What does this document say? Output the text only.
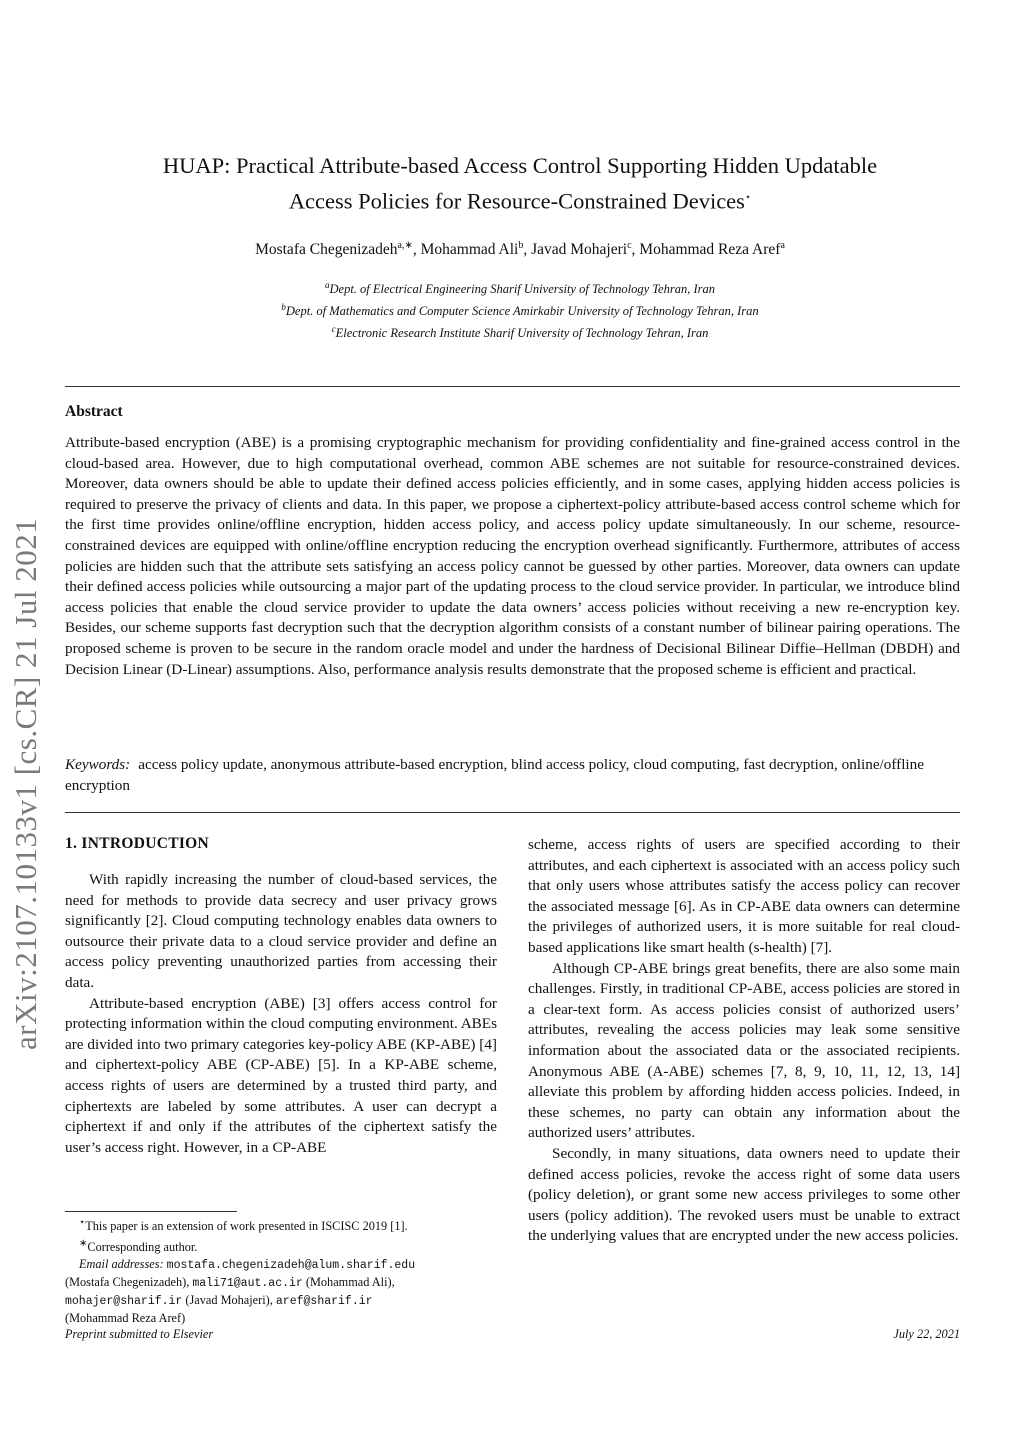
arXiv:2107.10133v1 [cs.CR] 21 Jul 2021
HUAP: Practical Attribute-based Access Control Supporting Hidden Updatable
Access Policies for Resource-Constrained Devices⋆
Mostafa Chegenizadeh$^{a,∗}$, Mohammad Ali$^b$, Javad Mohajeri$^c$, Mohammad Reza Aref$^a$
$^a$Dept. of Electrical Engineering Sharif University of Technology Tehran, Iran
$^b$Dept. of Mathematics and Computer Science Amirkabir University of Technology Tehran, Iran
$^c$Electronic Research Institute Sharif University of Technology Tehran, Iran
Abstract
Attribute-based encryption (ABE) is a promising cryptographic mechanism for providing confidentiality and fine-grained access control in the cloud-based area. However, due to high computational overhead, common ABE schemes are not suitable for resource-constrained devices. Moreover, data owners should be able to update their defined access policies efficiently, and in some cases, applying hidden access policies is required to preserve the privacy of clients and data. In this paper, we propose a ciphertext-policy attribute-based access control scheme which for the first time provides online/offline encryption, hidden access policy, and access policy update simultaneously. In our scheme, resource-constrained devices are equipped with online/offline encryption reducing the encryption overhead significantly. Furthermore, attributes of access policies are hidden such that the attribute sets satisfying an access policy cannot be guessed by other parties. Moreover, data owners can update their defined access policies while outsourcing a major part of the updating process to the cloud service provider. In particular, we introduce blind access policies that enable the cloud service provider to update the data owners’ access policies without receiving a new re-encryption key. Besides, our scheme supports fast decryption such that the decryption algorithm consists of a constant number of bilinear pairing operations. The proposed scheme is proven to be secure in the random oracle model and under the hardness of Decisional Bilinear Diffie–Hellman (DBDH) and Decision Linear (D-Linear) assumptions. Also, performance analysis results demonstrate that the proposed scheme is efficient and practical.
Keywords: access policy update, anonymous attribute-based encryption, blind access policy, cloud computing, fast decryption, online/offline encryption
1. INTRODUCTION

With rapidly increasing the number of cloud-based services, the need for methods to provide data secrecy and user privacy grows significantly [2]. Cloud computing technology enables data owners to outsource their private data to a cloud service provider and define an access policy preventing unauthorized parties from accessing their data.

Attribute-based encryption (ABE) [3] offers access control for protecting information within the cloud computing environment. ABEs are divided into two primary categories key-policy ABE (KP-ABE) [4] and ciphertext-policy ABE (CP-ABE) [5]. In a KP-ABE scheme, access rights of users are determined by a trusted third party, and ciphertexts are labeled by some attributes. A user can decrypt a ciphertext if and only if the attributes of the ciphertext satisfy the user’s access right. However, in a CP-ABE

scheme, access rights of users are specified according to their attributes, and each ciphertext is associated with an access policy such that only users whose attributes satisfy the access policy can recover the associated message [6]. As in CP-ABE data owners can determine the privileges of authorized users, it is more suitable for real cloud-based applications like smart health (s-health) [7].

Although CP-ABE brings great benefits, there are also some main challenges. Firstly, in traditional CP-ABE, access policies are stored in a clear-text form. As access policies consist of authorized users’ attributes, revealing the access policies may leak some sensitive information about the associated data or the associated recipients. Anonymous ABE (A-ABE) schemes [7, 8, 9, 10, 11, 12, 13, 14] alleviate this problem by affording hidden access policies. Indeed, in these schemes, no party can obtain any information about the authorized users’ attributes.

Secondly, in many situations, data owners need to update their defined access policies, revoke the access right of some data users (policy deletion), or grant some new access privileges to some other users (policy addition). The revoked users must be unable to extract the underlying values that are encrypted under the new access policies.

⋆This paper is an extension of work presented in ISCISC 2019 [1].
∗Corresponding author.
Email addresses: mostafa.chegenizadeh@alum.sharif.edu
(Mostafa Chegenizadeh), mali71@aut.ac.ir (Mohammad Ali),
mohajer@sharif.ir (Javad Mohajeri), aref@sharif.ir
(Mohammad Reza Aref)
Preprint submitted to Elsevier	July 22, 2021
